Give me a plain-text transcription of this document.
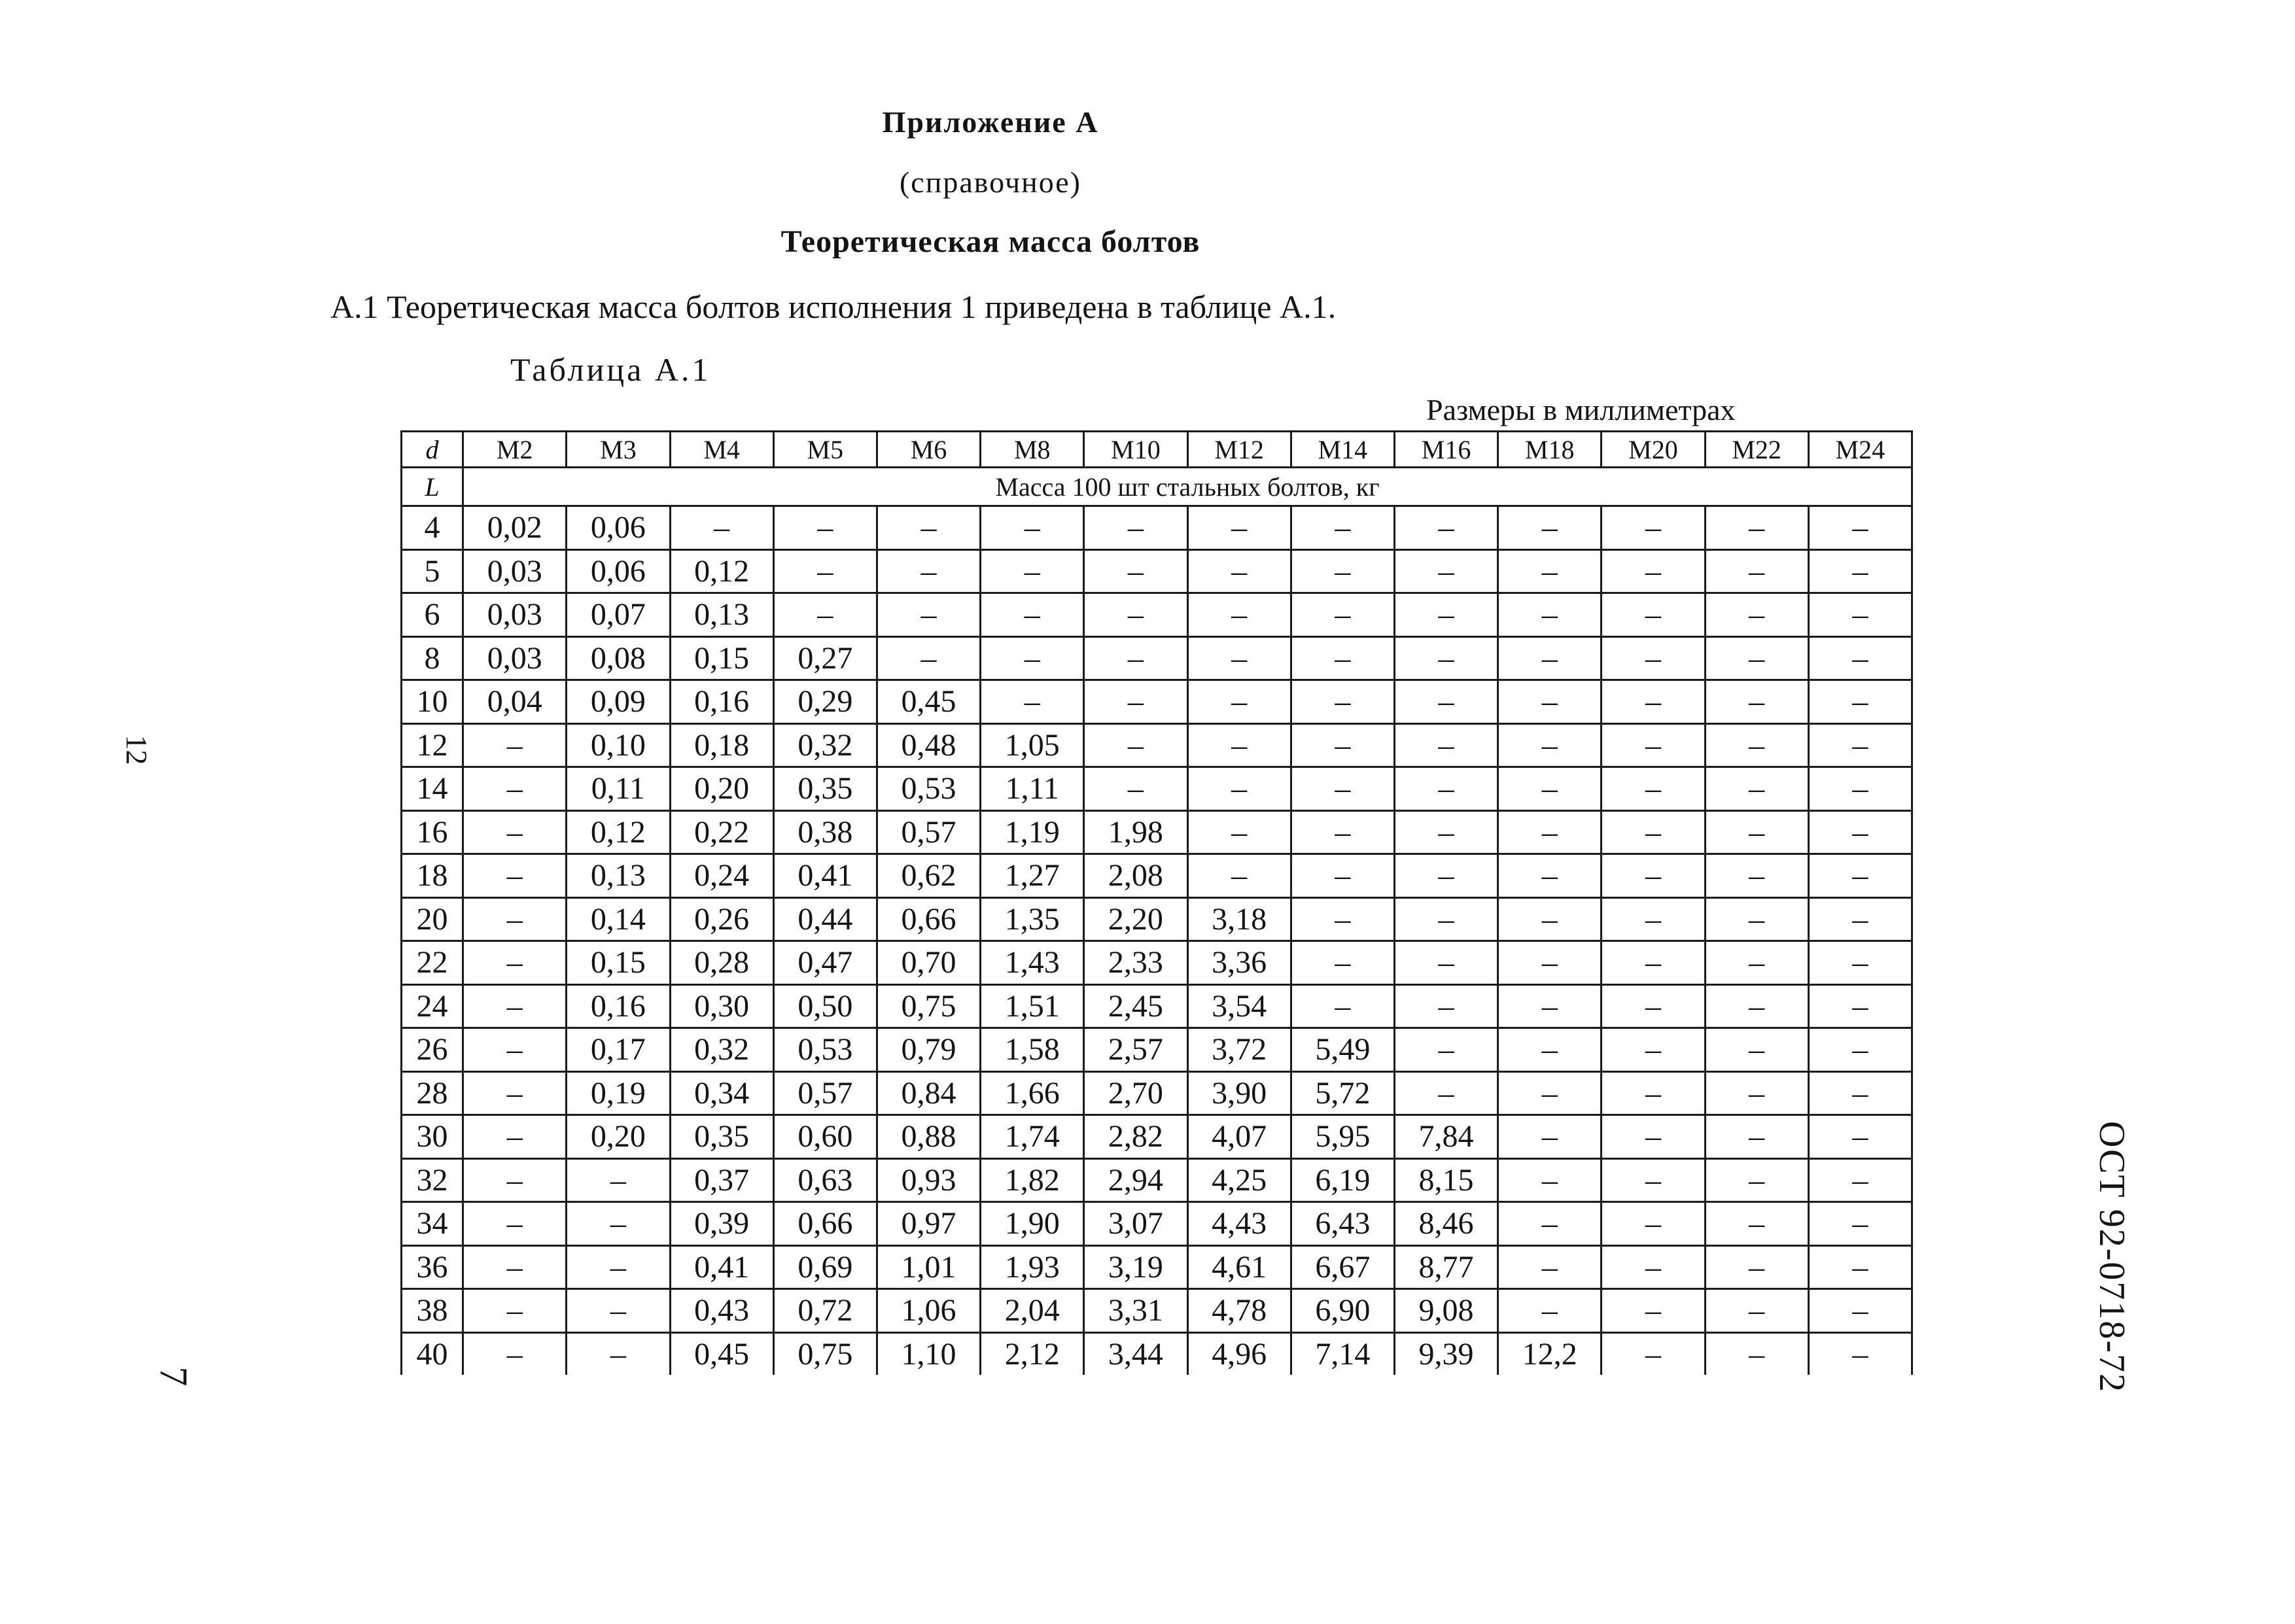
Приложение А
(справочное)
Теоретическая масса болтов
А.1 Теоретическая масса болтов исполнения 1 приведена в таблице А.1.
Таблица А.1
Размеры в миллиметрах
12
7	ОСТ 92-0718-72
d	M2	M3	M4	M5	M6	M8	M10	M12	M14	M16	M18	M20	M22	M24
L	Масса 100 шт стальных болтов, кг													
4	0,02	0,06	–	–	–	–	–	–	–	–	–	–	–	–
5	0,03	0,06	0,12	–	–	–	–	–	–	–	–	–	–	–
6	0,03	0,07	0,13	–	–	–	–	–	–	–	–	–	–	–
8	0,03	0,08	0,15	0,27	–	–	–	–	–	–	–	–	–	–
10	0,04	0,09	0,16	0,29	0,45	–	–	–	–	–	–	–	–	–
12	–	0,10	0,18	0,32	0,48	1,05	–	–	–	–	–	–	–	–
14	–	0,11	0,20	0,35	0,53	1,11	–	–	–	–	–	–	–	–
16	–	0,12	0,22	0,38	0,57	1,19	1,98	–	–	–	–	–	–	–
18	–	0,13	0,24	0,41	0,62	1,27	2,08	–	–	–	–	–	–	–
20	–	0,14	0,26	0,44	0,66	1,35	2,20	3,18	–	–	–	–	–	–
22	–	0,15	0,28	0,47	0,70	1,43	2,33	3,36	–	–	–	–	–	–
24	–	0,16	0,30	0,50	0,75	1,51	2,45	3,54	–	–	–	–	–	–
26	–	0,17	0,32	0,53	0,79	1,58	2,57	3,72	5,49	–	–	–	–	–
28	–	0,19	0,34	0,57	0,84	1,66	2,70	3,90	5,72	–	–	–	–	–
30	–	0,20	0,35	0,60	0,88	1,74	2,82	4,07	5,95	7,84	–	–	–	–
32	–	–	0,37	0,63	0,93	1,82	2,94	4,25	6,19	8,15	–	–	–	–
34	–	–	0,39	0,66	0,97	1,90	3,07	4,43	6,43	8,46	–	–	–	–
36	–	–	0,41	0,69	1,01	1,93	3,19	4,61	6,67	8,77	–	–	–	–
38	–	–	0,43	0,72	1,06	2,04	3,31	4,78	6,90	9,08	–	–	–	–
40	–	–	0,45	0,75	1,10	2,12	3,44	4,96	7,14	9,39	12,2	–	–	–
